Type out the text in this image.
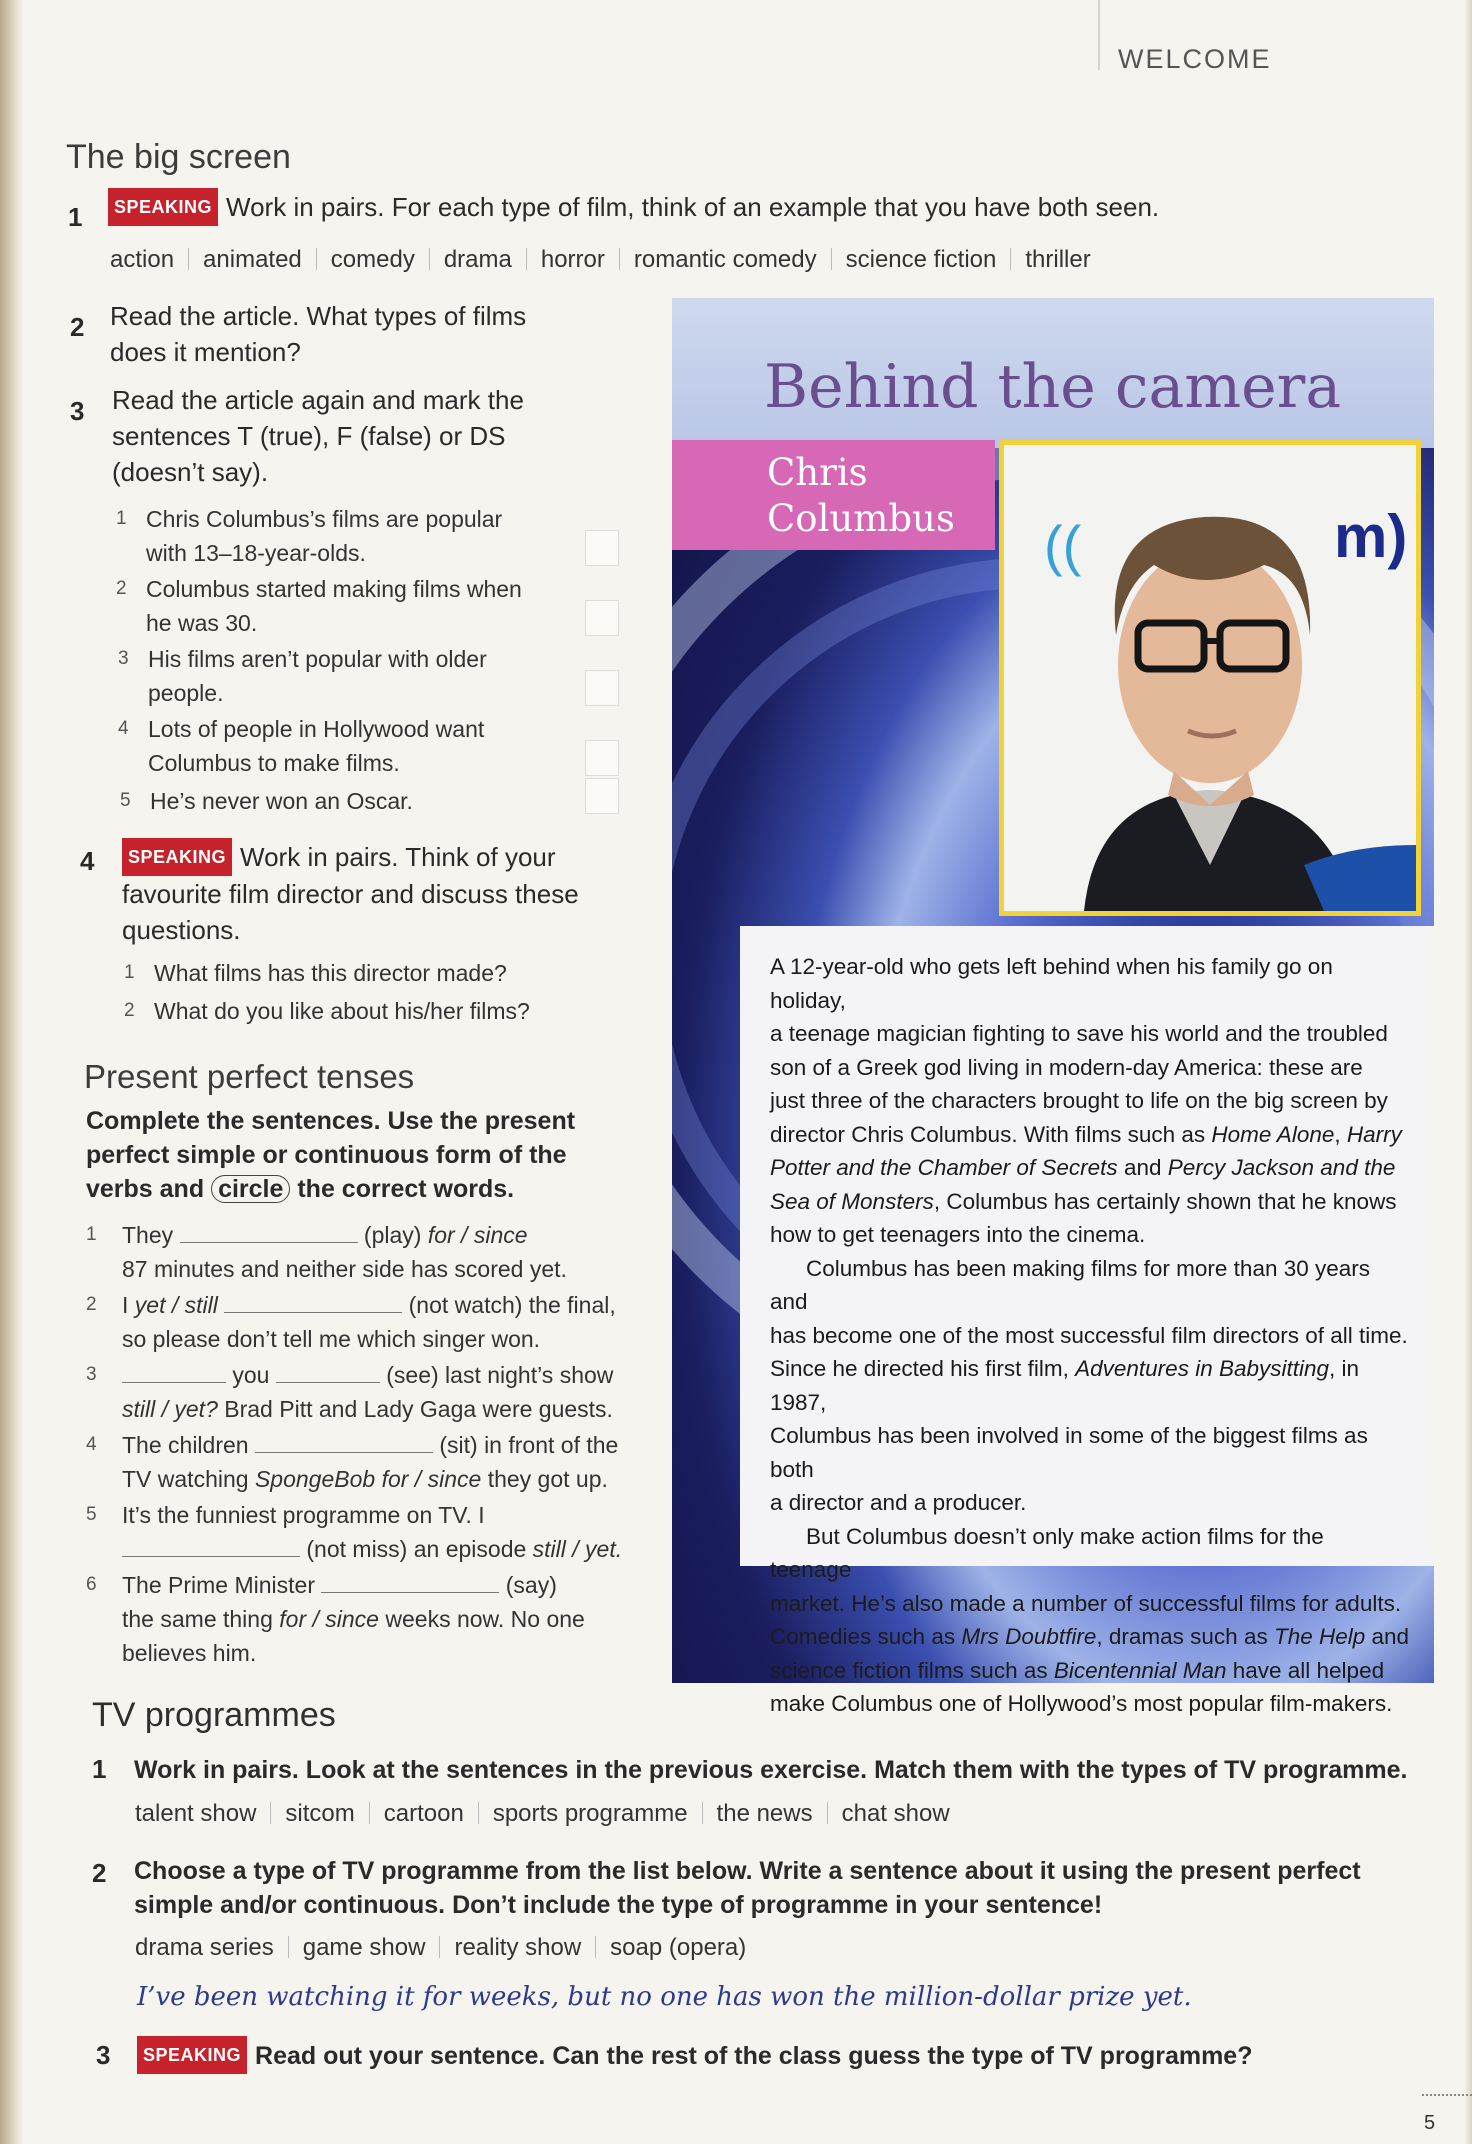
WELCOME
The big screen
1	SPEAKING Work in pairs. For each type of film, think of an example that you have both seen.
action animated comedy drama horror romantic comedy science fiction thriller
2 Read the article. What types of films
does it mention?
3 Read the article again and mark the
sentences T (true), F (false) or DS
(doesn’t say).
1 Chris Columbus’s films are popular
with 13–18-year-olds.
2 Columbus started making films when
he was 30.
3 His films aren’t popular with older
people.
4 Lots of people in Hollywood want
Columbus to make films.
5 He’s never won an Oscar.
4	SPEAKING Work in pairs. Think of your
favourite film director and discuss these
questions.
1 What films has this director made?
2 What do you like about his/her films?
Present perfect tenses
Complete the sentences. Use the present
perfect simple or continuous form of the
verbs and circle the correct words.
1 They	(play) for / since
87 minutes and neither side has scored yet.
2 I yet / still	(not watch) the final,
so please don’t tell me which singer won.
3	you	(see) last night’s show
still / yet? Brad Pitt and Lady Gaga were guests.
4 The children	(sit) in front of the
TV watching SpongeBob for / since they got up.
5 It’s the funniest programme on TV. I
(not miss) an episode still / yet.
6 The Prime Minister	(say)
the same thing for / since weeks now. No one
believes him.
Behind the camera
Chris
Columbus	m)
((

A 12-year-old who gets left behind when his family go on holiday,
a teenage magician fighting to save his world and the troubled
son of a Greek god living in modern-day America: these are
just three of the characters brought to life on the big screen by
director Chris Columbus. With films such as Home Alone, Harry
Potter and the Chamber of Secrets and Percy Jackson and the
Sea of Monsters, Columbus has certainly shown that he knows
how to get teenagers into the cinema.

Columbus has been making films for more than 30 years and
has become one of the most successful film directors of all time.
Since he directed his first film, Adventures in Babysitting, in 1987,
Columbus has been involved in some of the biggest films as both
a director and a producer.

But Columbus doesn’t only make action films for the teenage
market. He’s also made a number of successful films for adults.
Comedies such as Mrs Doubtfire, dramas such as The Help and
science fiction films such as Bicentennial Man have all helped
make Columbus one of Hollywood’s most popular film-makers.

TV programmes
1 Work in pairs. Look at the sentences in the previous exercise. Match them with the types of TV programme.
talent show sitcom cartoon sports programme the news chat show
2 Choose a type of TV programme from the list below. Write a sentence about it using the present perfect
simple and/or continuous. Don’t include the type of programme in your sentence!
drama series game show reality show soap (opera)
I’ve been watching it for weeks, but no one has won the million-dollar prize yet.
3	SPEAKING Read out your sentence. Can the rest of the class guess the type of TV programme?
5
